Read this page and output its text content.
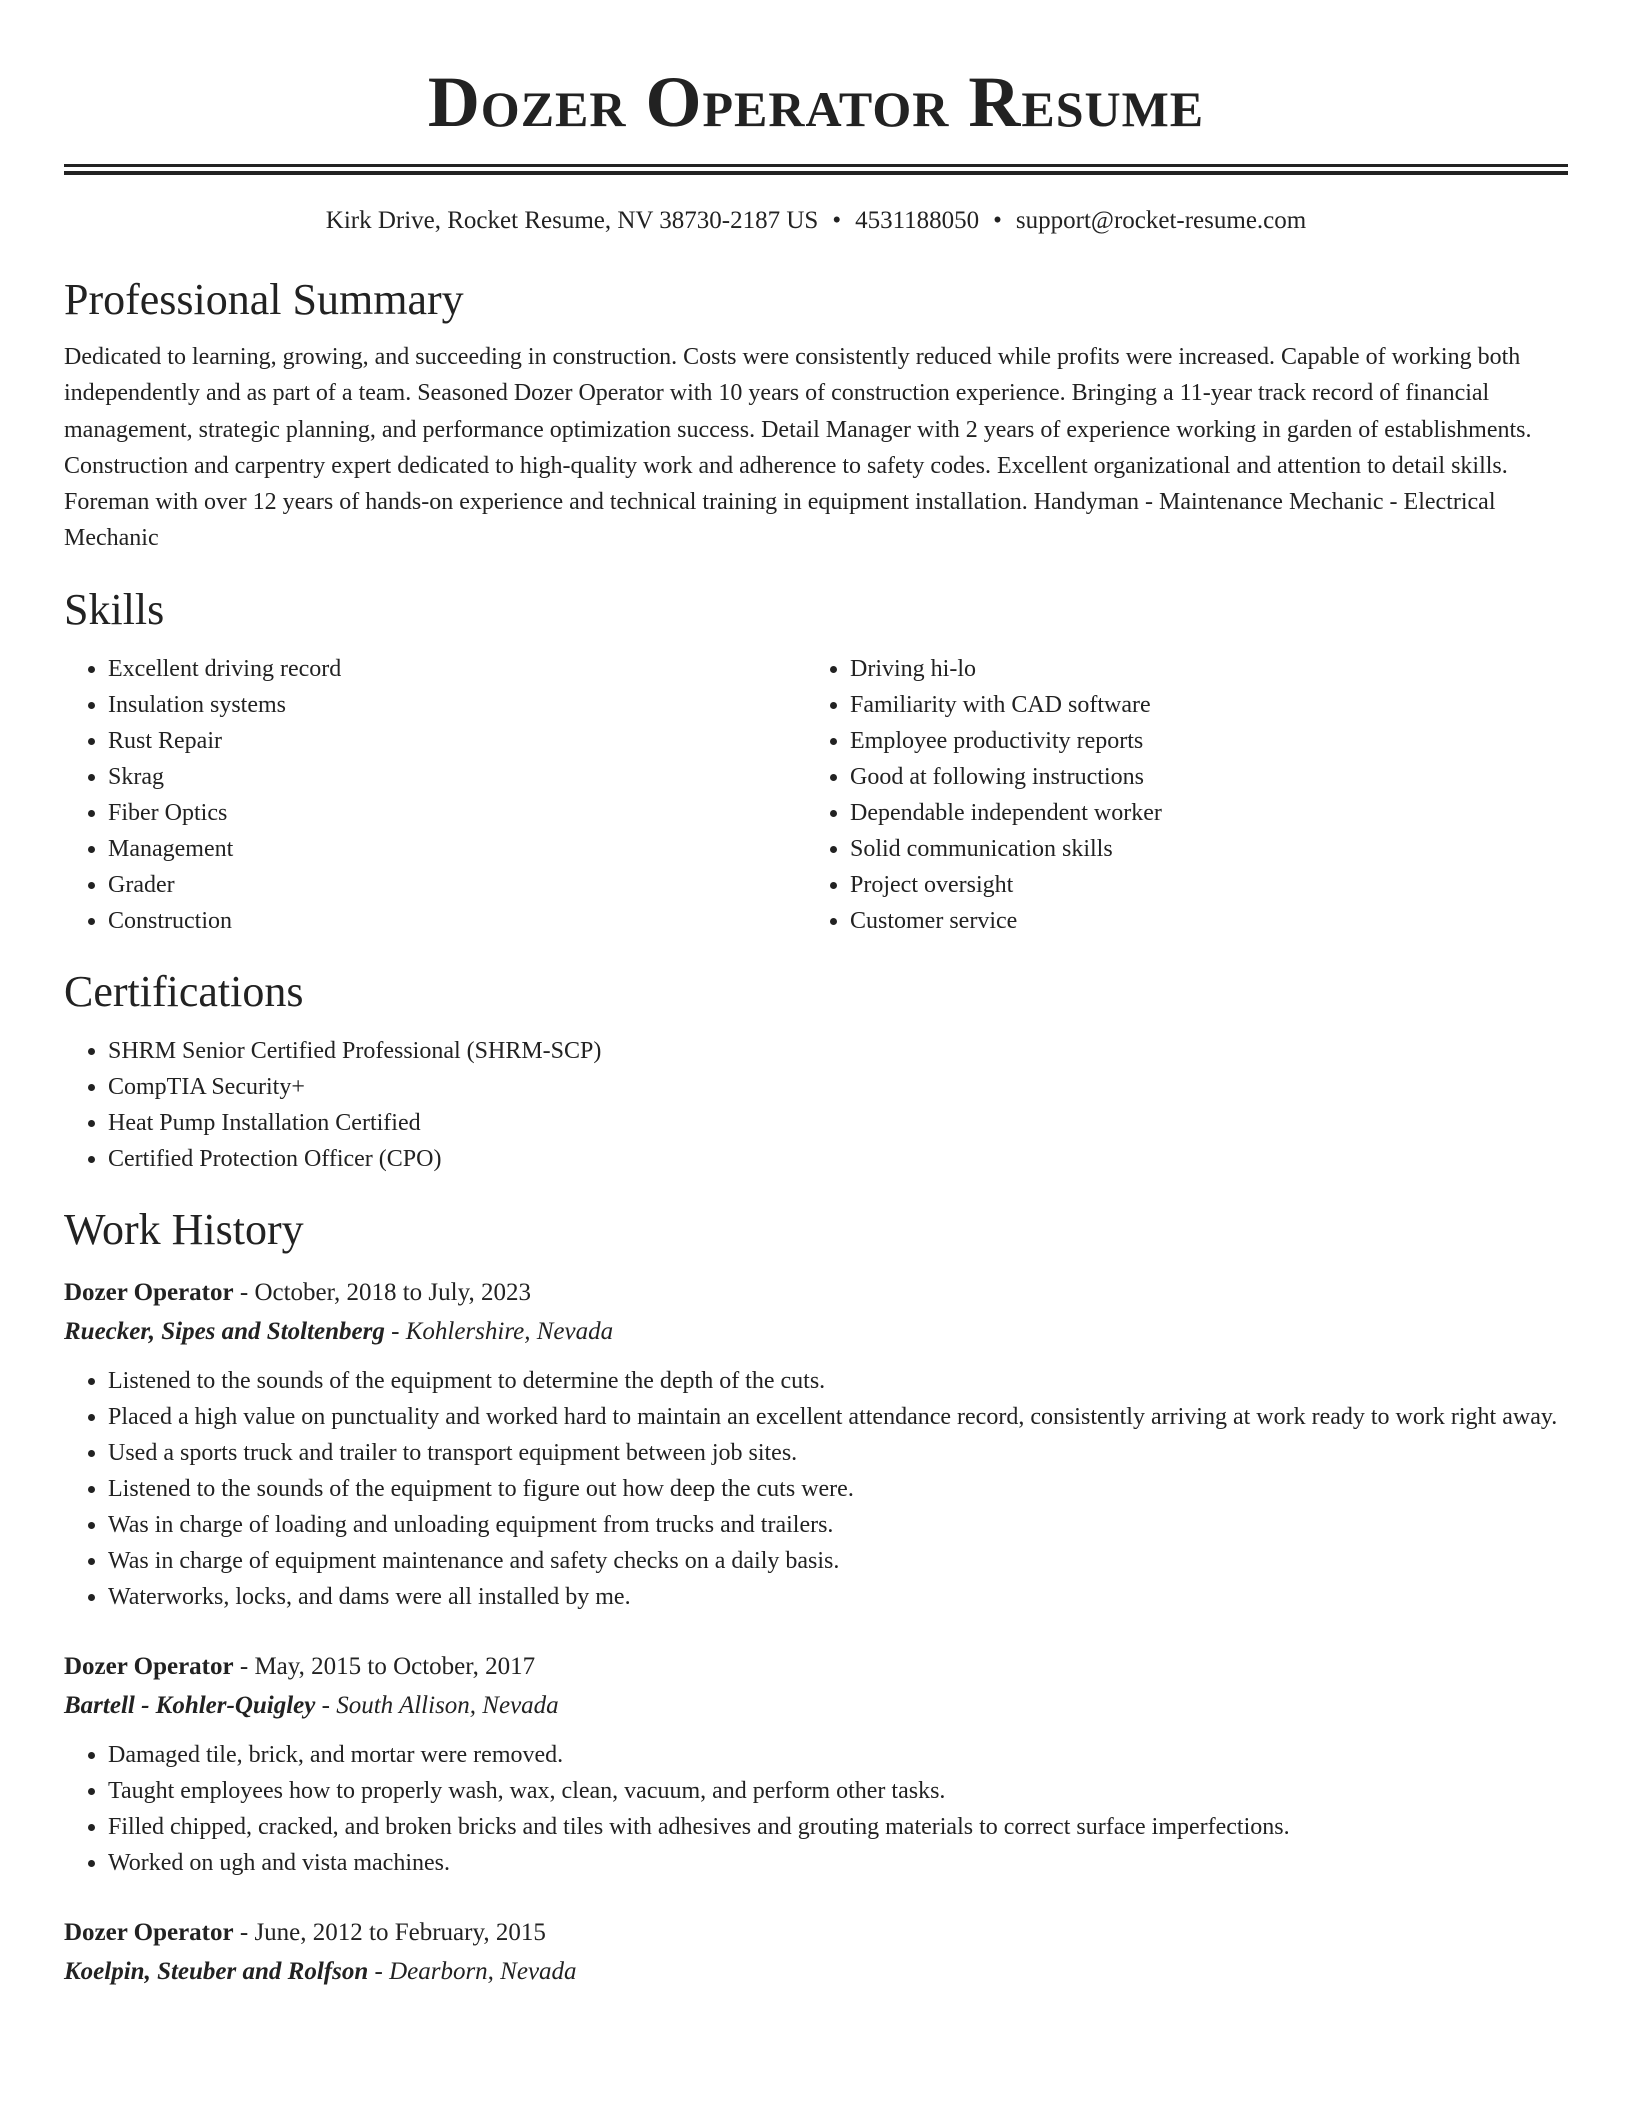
Dozer Operator Resume
Kirk Drive, Rocket Resume, NV 38730-2187 US • 4531188050 • support@rocket-resume.com
Professional Summary
Dedicated to learning, growing, and succeeding in construction. Costs were consistently reduced while profits were increased. Capable of working both independently and as part of a team. Seasoned Dozer Operator with 10 years of construction experience. Bringing a 11-year track record of financial management, strategic planning, and performance optimization success. Detail Manager with 2 years of experience working in garden of establishments. Construction and carpentry expert dedicated to high-quality work and adherence to safety codes. Excellent organizational and attention to detail skills. Foreman with over 12 years of hands-on experience and technical training in equipment installation. Handyman - Maintenance Mechanic - Electrical Mechanic
Skills
• Excellent driving record
• Insulation systems
• Rust Repair
• Skrag
• Fiber Optics
• Management
• Grader
• Construction
• Driving hi-lo
• Familiarity with CAD software
• Employee productivity reports
• Good at following instructions
• Dependable independent worker
• Solid communication skills
• Project oversight
• Customer service
Certifications
• SHRM Senior Certified Professional (SHRM-SCP)
• CompTIA Security+
• Heat Pump Installation Certified
• Certified Protection Officer (CPO)
Work History
Dozer Operator - October, 2018 to July, 2023
Ruecker, Sipes and Stoltenberg - Kohlershire, Nevada
• Listened to the sounds of the equipment to determine the depth of the cuts.
• Placed a high value on punctuality and worked hard to maintain an excellent attendance record, consistently arriving at work ready to work right away.
• Used a sports truck and trailer to transport equipment between job sites.
• Listened to the sounds of the equipment to figure out how deep the cuts were.
• Was in charge of loading and unloading equipment from trucks and trailers.
• Was in charge of equipment maintenance and safety checks on a daily basis.
• Waterworks, locks, and dams were all installed by me.
Dozer Operator - May, 2015 to October, 2017
Bartell - Kohler-Quigley - South Allison, Nevada
• Damaged tile, brick, and mortar were removed.
• Taught employees how to properly wash, wax, clean, vacuum, and perform other tasks.
• Filled chipped, cracked, and broken bricks and tiles with adhesives and grouting materials to correct surface imperfections.
• Worked on ugh and vista machines.
Dozer Operator - June, 2012 to February, 2015
Koelpin, Steuber and Rolfson - Dearborn, Nevada
